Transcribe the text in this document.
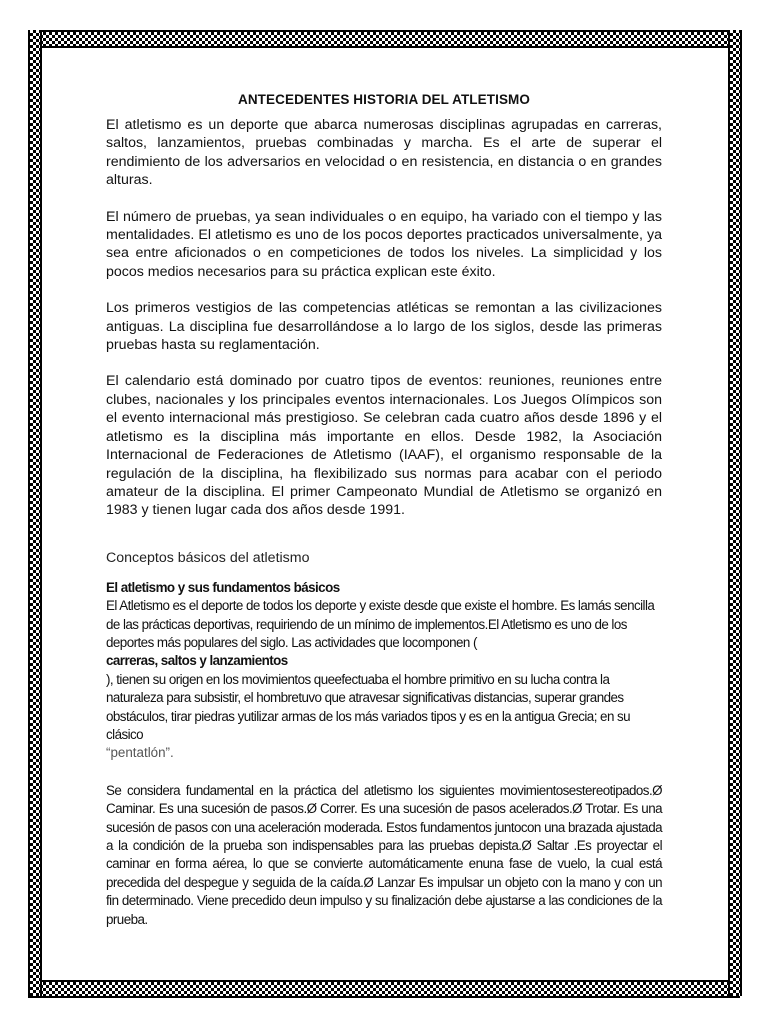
ANTECEDENTES HISTORIA DEL ATLETISMO

El atletismo es un deporte que abarca numerosas disciplinas agrupadas en carreras, saltos, lanzamientos, pruebas combinadas y marcha. Es el arte de superar el rendimiento de los adversarios en velocidad o en resistencia, en distancia o en grandes alturas.

El número de pruebas, ya sean individuales o en equipo, ha variado con el tiempo y las mentalidades. El atletismo es uno de los pocos deportes practicados universalmente, ya sea entre aficionados o en competiciones de todos los niveles. La simplicidad y los pocos medios necesarios para su práctica explican este éxito.

Los primeros vestigios de las competencias atléticas se remontan a las civilizaciones antiguas. La disciplina fue desarrollándose a lo largo de los siglos, desde las primeras pruebas hasta su reglamentación.

El calendario está dominado por cuatro tipos de eventos: reuniones, reuniones entre clubes, nacionales y los principales eventos internacionales. Los Juegos Olímpicos son el evento internacional más prestigioso. Se celebran cada cuatro años desde 1896 y el atletismo es la disciplina más importante en ellos. Desde 1982, la Asociación Internacional de Federaciones de Atletismo (IAAF), el organismo responsable de la regulación de la disciplina, ha flexibilizado sus normas para acabar con el periodo amateur de la disciplina. El primer Campeonato Mundial de Atletismo se organizó en 1983 y tienen lugar cada dos años desde 1991.

Conceptos básicos del atletismo
El atletismo y sus fundamentos básicos
El Atletismo es el deporte de todos los deporte y existe desde que existe el hombre. Es lamás sencilla de las prácticas deportivas, requiriendo de un mínimo de implementos.El Atletismo es uno de los deportes más populares del siglo. Las actividades que locomponen (
carreras, saltos y lanzamientos
), tienen su origen en los movimientos queefectuaba el hombre primitivo en su lucha contra la naturaleza para subsistir, el hombretuvo que atravesar significativas distancias, superar grandes obstáculos, tirar piedras yutilizar armas de los más variados tipos y es en la antigua Grecia; en su clásico
“pentatlón”.
Se considera fundamental en la práctica del atletismo los siguientes movimientosestereotipados.Ø Caminar. Es una sucesión de pasos.Ø Correr. Es una sucesión de pasos acelerados.Ø Trotar. Es una sucesión de pasos con una aceleración moderada. Estos fundamentos juntocon una brazada ajustada a la condición de la prueba son indispensables para las pruebas depista.Ø Saltar .Es proyectar el caminar en forma aérea, lo que se convierte automáticamente enuna fase de vuelo, la cual está precedida del despegue y seguida de la caída.Ø Lanzar Es impulsar un objeto con la mano y con un fin determinado. Viene precedido deun impulso y su finalización debe ajustarse a las condiciones de la prueba.
